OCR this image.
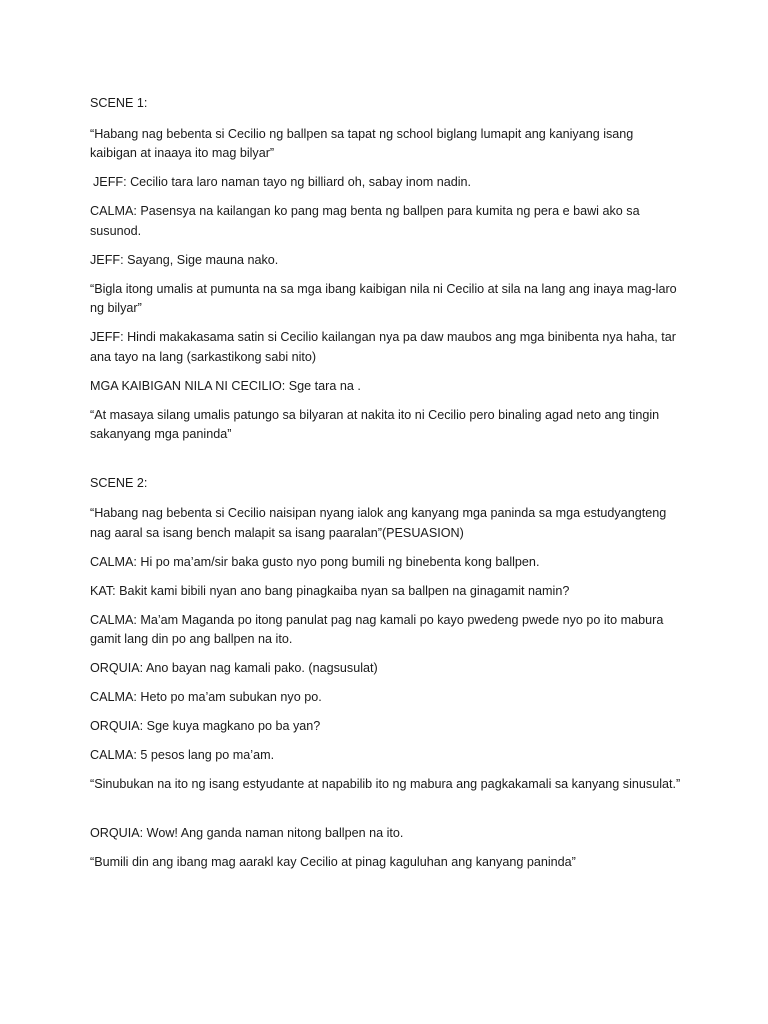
SCENE 1:

“Habang nag bebenta si Cecilio ng ballpen sa tapat ng school biglang lumapit ang kaniyang isang kaibigan at inaaya ito mag bilyar”

JEFF: Cecilio tara laro naman tayo ng billiard oh, sabay inom nadin.

CALMA: Pasensya na kailangan ko pang mag benta ng ballpen para kumita ng pera e bawi ako sa susunod.

JEFF: Sayang, Sige mauna nako.

“Bigla itong umalis at pumunta na sa mga ibang kaibigan nila ni Cecilio at sila na lang ang inaya mag-laro ng bilyar”

JEFF: Hindi makakasama satin si Cecilio kailangan nya pa daw maubos ang mga binibenta nya haha, tar ana tayo na lang (sarkastikong sabi nito)

MGA KAIBIGAN NILA NI CECILIO: Sge tara na .

“At masaya silang umalis patungo sa bilyaran at nakita ito ni Cecilio pero binaling agad neto ang tingin sakanyang mga paninda”

SCENE 2:

“Habang nag bebenta si Cecilio naisipan nyang ialok ang kanyang mga paninda sa mga estudyangteng nag aaral sa isang bench malapit sa isang paaralan”(PESUASION)

CALMA: Hi po ma’am/sir baka gusto nyo pong bumili ng binebenta kong ballpen.

KAT: Bakit kami bibili nyan ano bang pinagkaiba nyan sa ballpen na ginagamit namin?

CALMA: Ma’am Maganda po itong panulat pag nag kamali po kayo pwedeng pwede nyo po ito mabura gamit lang din po ang ballpen na ito.

ORQUIA: Ano bayan nag kamali pako. (nagsusulat)

CALMA: Heto po ma’am subukan nyo po.

ORQUIA: Sge kuya magkano po ba yan?

CALMA: 5 pesos lang po ma’am.

“Sinubukan na ito ng isang estyudante at napabilib ito ng mabura ang pagkakamali sa kanyang sinusulat.”

ORQUIA: Wow! Ang ganda naman nitong ballpen na ito.

“Bumili din ang ibang mag aarakl kay Cecilio at pinag kaguluhan ang kanyang paninda”
